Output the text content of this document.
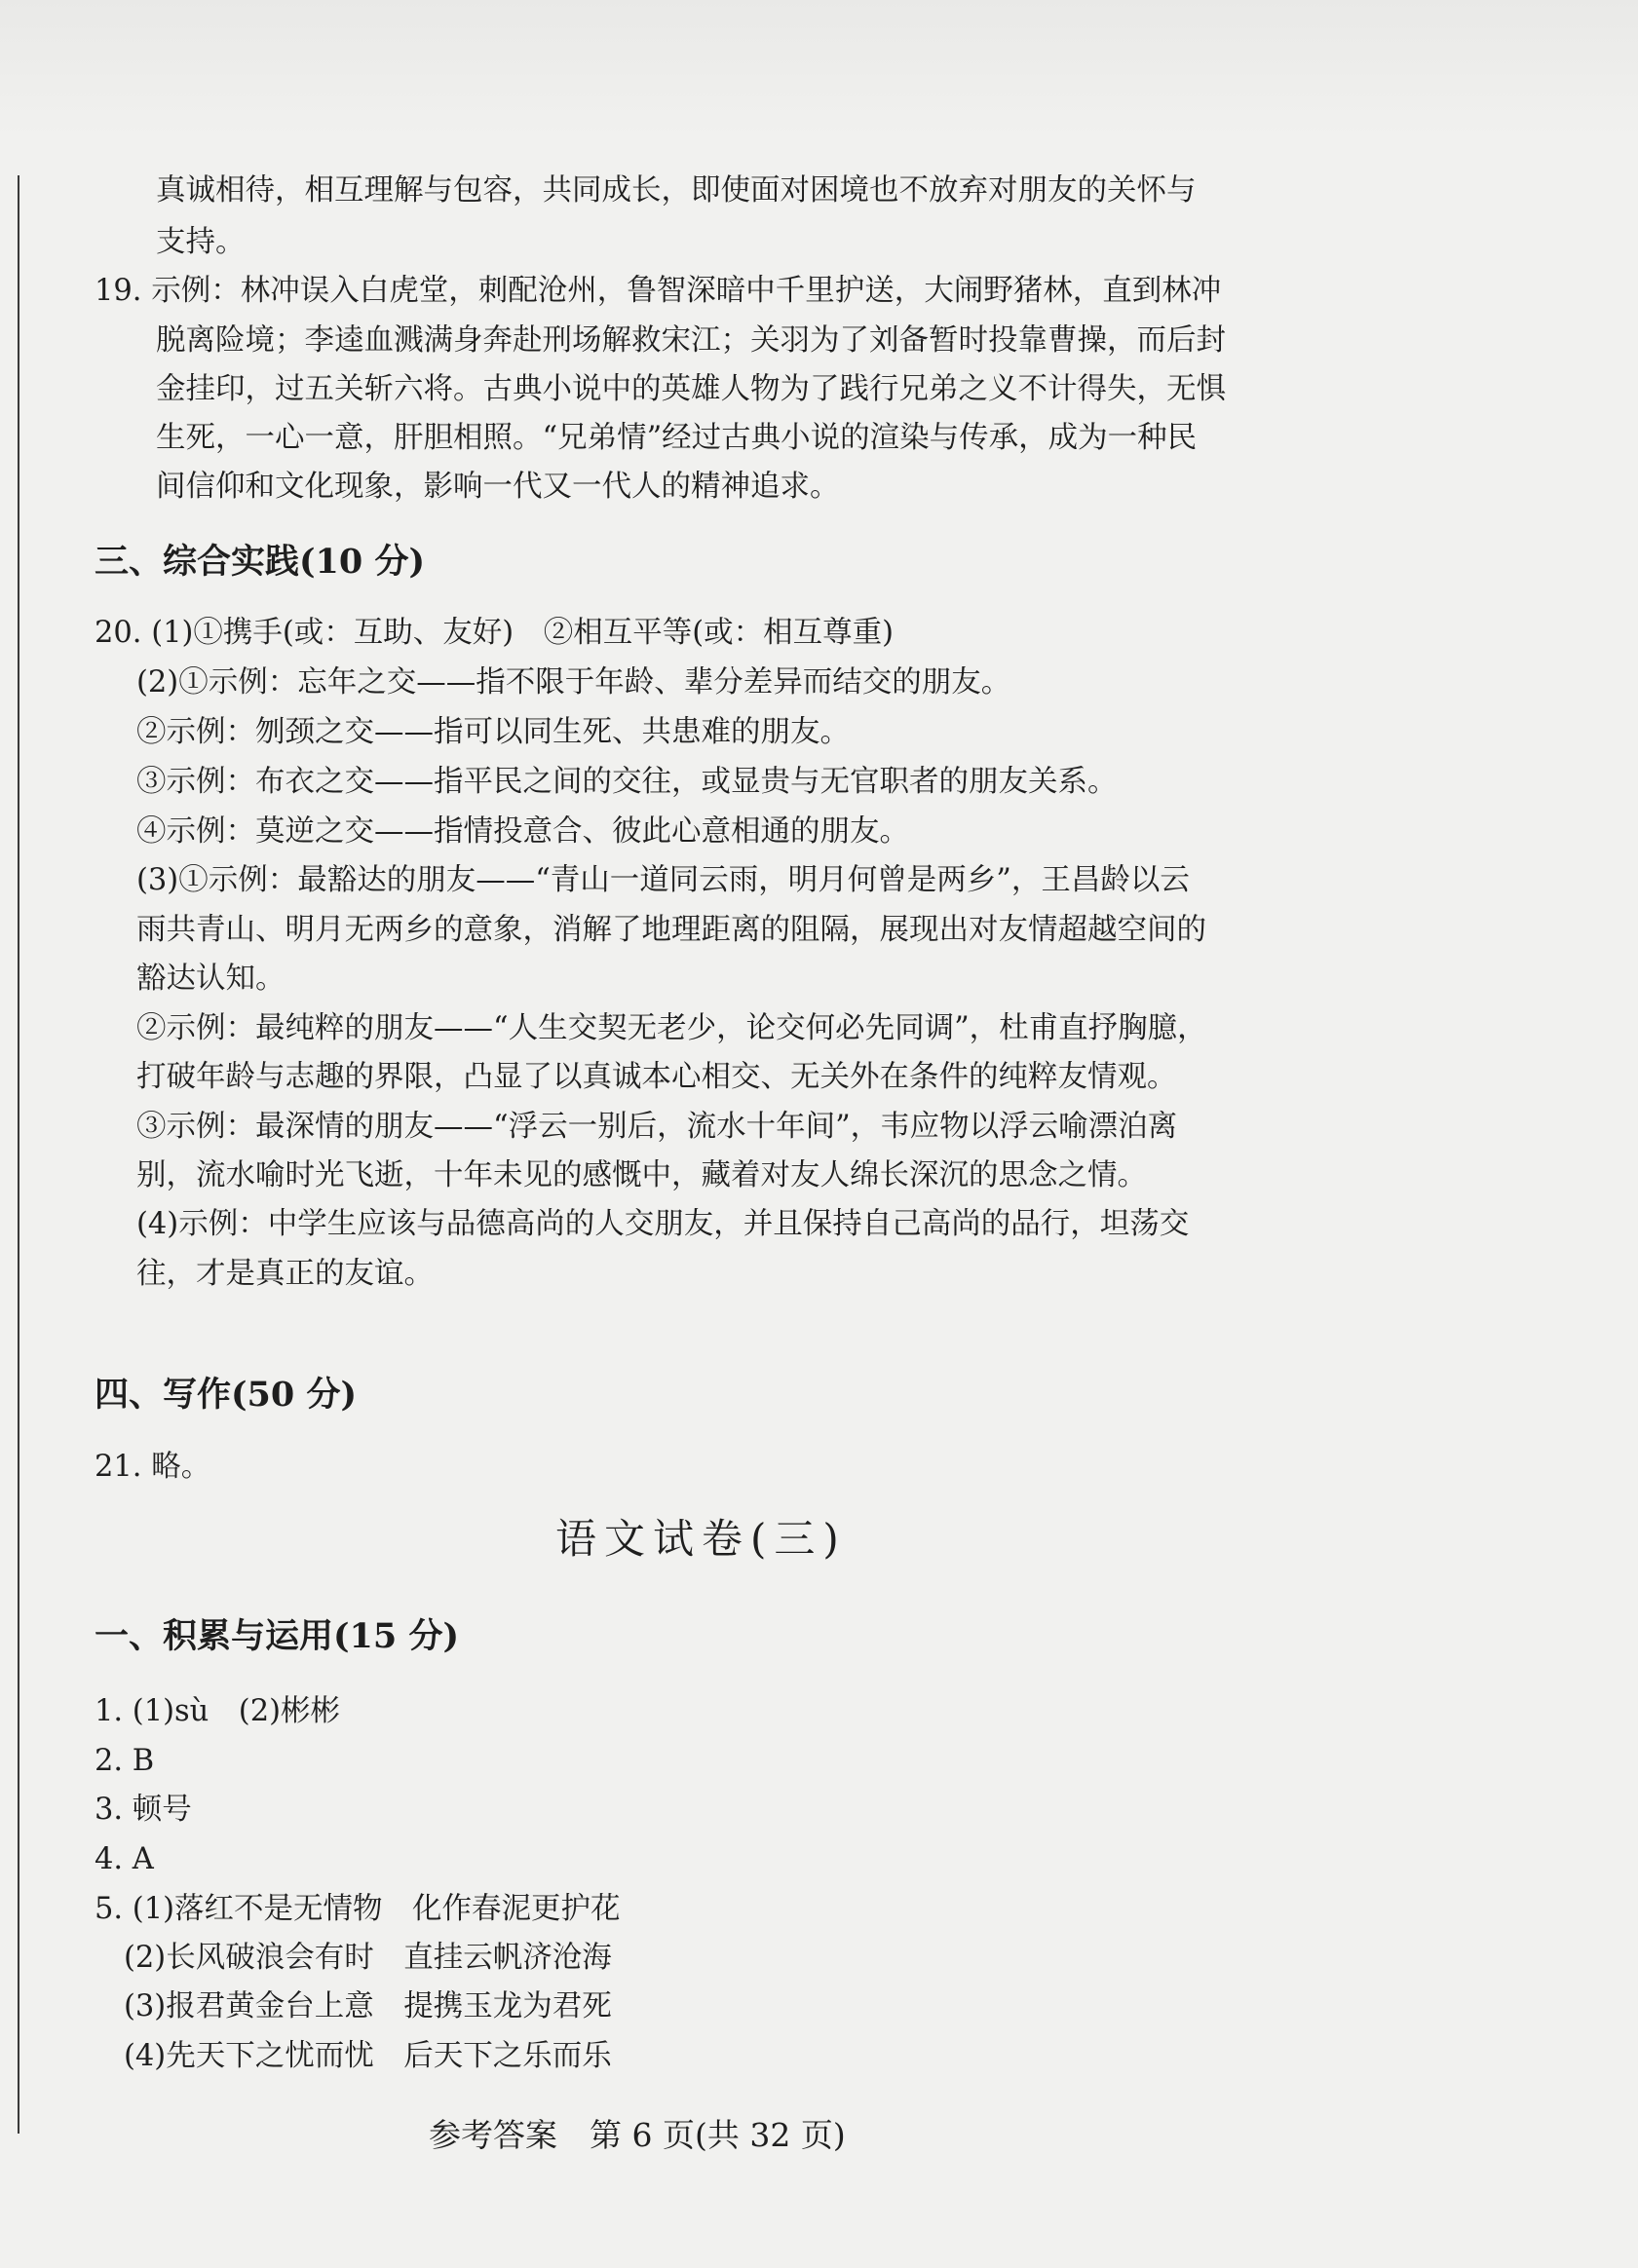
真诚相待，相互理解与包容，共同成长，即使面对困境也不放弃对朋友的关怀与
支持。
19. 示例：林冲误入白虎堂，刺配沧州，鲁智深暗中千里护送，大闹野猪林，直到林冲
脱离险境；李逵血溅满身奔赴刑场解救宋江；关羽为了刘备暂时投靠曹操，而后封
金挂印，过五关斩六将。古典小说中的英雄人物为了践行兄弟之义不计得失，无惧
生死，一心一意，肝胆相照。“兄弟情”经过古典小说的渲染与传承，成为一种民
间信仰和文化现象，影响一代又一代人的精神追求。
三、综合实践(10 分)
20. (1)①携手(或：互助、友好)　②相互平等(或：相互尊重)
(2)①示例：忘年之交——指不限于年龄、辈分差异而结交的朋友。
②示例：刎颈之交——指可以同生死、共患难的朋友。
③示例：布衣之交——指平民之间的交往，或显贵与无官职者的朋友关系。
④示例：莫逆之交——指情投意合、彼此心意相通的朋友。
(3)①示例：最豁达的朋友——“青山一道同云雨，明月何曾是两乡”，王昌龄以云
雨共青山、明月无两乡的意象，消解了地理距离的阻隔，展现出对友情超越空间的
豁达认知。
②示例：最纯粹的朋友——“人生交契无老少，论交何必先同调”，杜甫直抒胸臆，
打破年龄与志趣的界限，凸显了以真诚本心相交、无关外在条件的纯粹友情观。
③示例：最深情的朋友——“浮云一别后，流水十年间”，韦应物以浮云喻漂泊离
别，流水喻时光飞逝，十年未见的感慨中，藏着对友人绵长深沉的思念之情。
(4)示例：中学生应该与品德高尚的人交朋友，并且保持自己高尚的品行，坦荡交
往，才是真正的友谊。
四、写作(50 分)
21. 略。
语文试卷(三)
一、积累与运用(15 分)
1. (1)sù　(2)彬彬
2. B
3. 顿号
4. A
5. (1)落红不是无情物　化作春泥更护花
(2)长风破浪会有时　直挂云帆济沧海
(3)报君黄金台上意　提携玉龙为君死
(4)先天下之忧而忧　后天下之乐而乐
参考答案　第 6 页(共 32 页)
